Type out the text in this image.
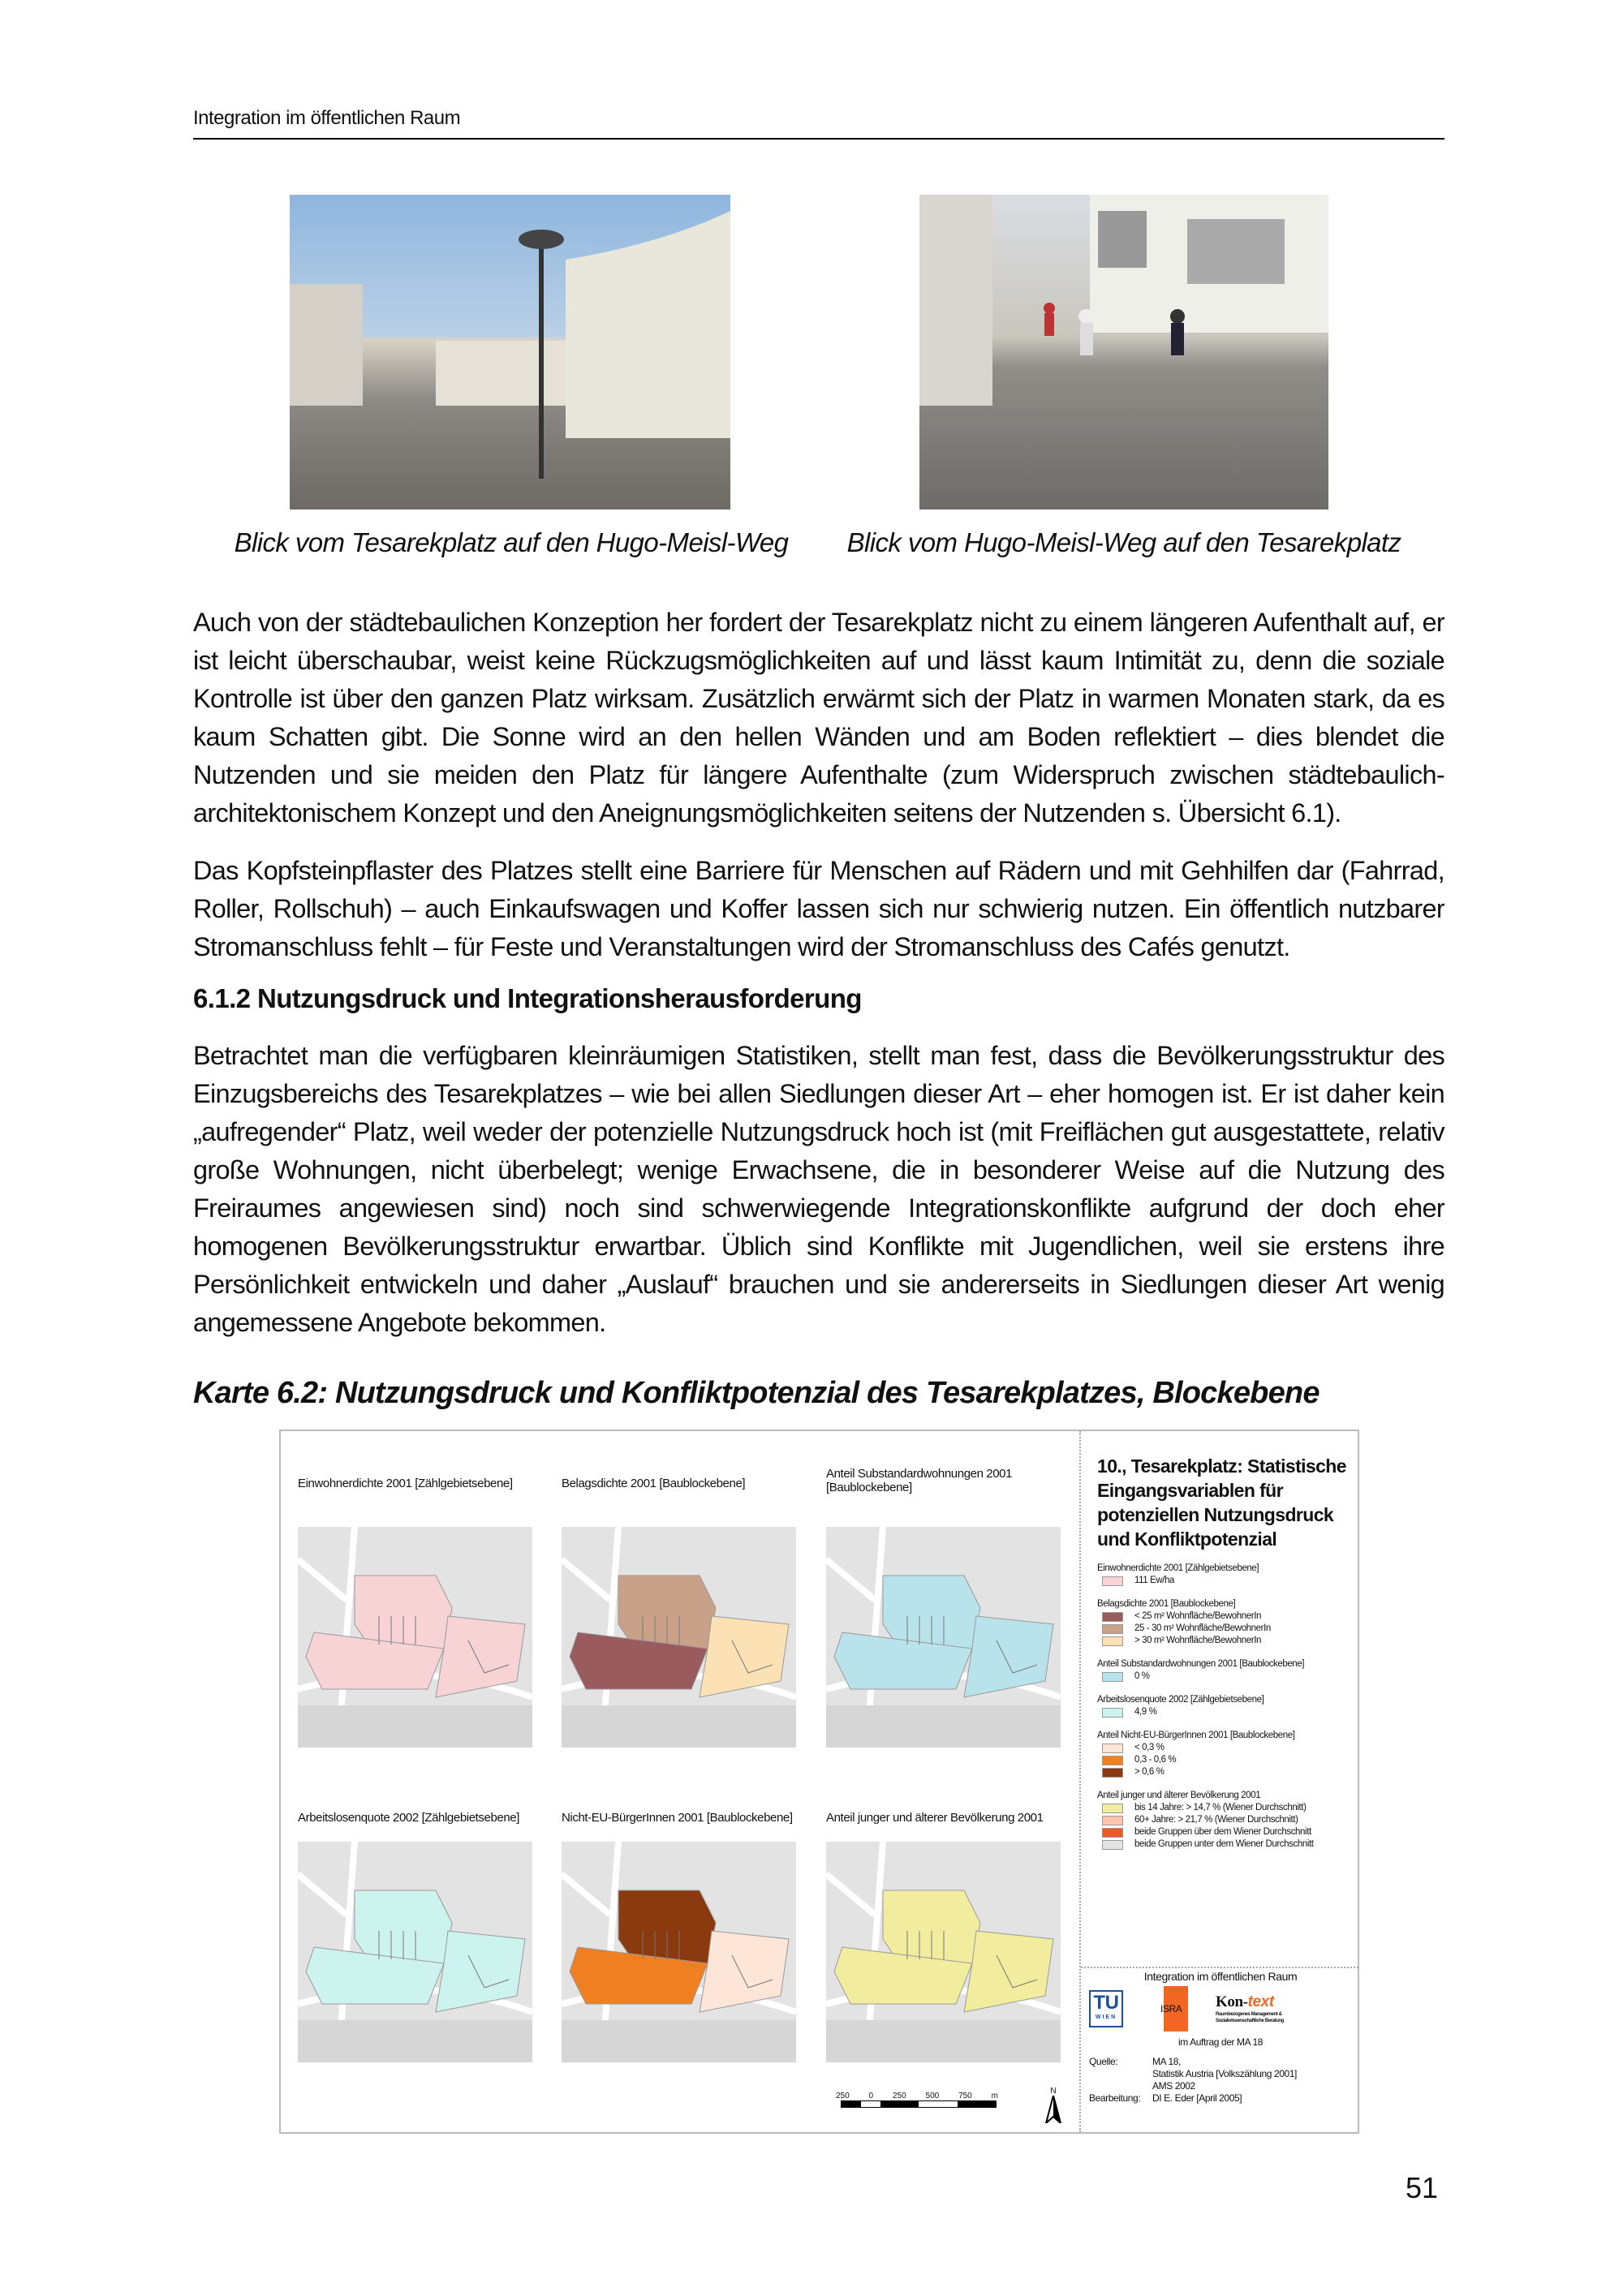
Integration im öffentlichen Raum
Blick vom Tesarekplatz auf den Hugo-Meisl-Weg Blick vom Hugo-Meisl-Weg auf den Tesarekplatz

Auch von der städtebaulichen Konzeption her fordert der Tesarekplatz nicht zu einem längeren Aufenthalt auf, er ist leicht überschaubar, weist keine Rückzugsmöglichkeiten auf und lässt kaum Intimität zu, denn die soziale Kontrolle ist über den ganzen Platz wirksam. Zusätzlich erwärmt sich der Platz in warmen Monaten stark, da es kaum Schatten gibt. Die Sonne wird an den hellen Wänden und am Boden reflektiert – dies blendet die Nutzenden und sie meiden den Platz für längere Aufenthalte (zum Widerspruch zwischen städtebaulich-architektonischem Konzept und den Aneignungsmöglichkeiten seitens der Nutzenden s. Übersicht 6.1).

Das Kopfsteinpflaster des Platzes stellt eine Barriere für Menschen auf Rädern und mit Gehhilfen dar (Fahrrad, Roller, Rollschuh) – auch Einkaufswagen und Koffer lassen sich nur schwierig nutzen. Ein öffentlich nutzbarer Stromanschluss fehlt – für Feste und Veranstaltungen wird der Stromanschluss des Cafés genutzt.

6.1.2 Nutzungsdruck und Integrationsherausforderung

Betrachtet man die verfügbaren kleinräumigen Statistiken, stellt man fest, dass die Bevölkerungsstruktur des Einzugsbereichs des Tesarekplatzes – wie bei allen Siedlungen dieser Art – eher homogen ist. Er ist daher kein „aufregender“ Platz, weil weder der potenzielle Nutzungsdruck hoch ist (mit Freiflächen gut ausgestattete, relativ große Wohnungen, nicht überbelegt; wenige Erwachsene, die in besonderer Weise auf die Nutzung des Freiraumes angewiesen sind) noch sind schwerwiegende Integrationskonflikte aufgrund der doch eher homogenen Bevölkerungsstruktur erwartbar. Üblich sind Konflikte mit Jugendlichen, weil sie erstens ihre Persönlichkeit entwickeln und daher „Auslauf“ brauchen und sie andererseits in Siedlungen dieser Art wenig angemessene Angebote bekommen.

Karte 6.2: Nutzungsdruck und Konfliktpotenzial des Tesarekplatzes, Blockebene
Einwohnerdichte 2001 [Zählgebietsebene]	Belagsdichte 2001 [Baublockebene]
Anteil Substandardwohnungen 2001 [Baublockebene]
Arbeitslosenquote 2002 [Zählgebietsebene]	Nicht-EU-BürgerInnen 2001 [Baublockebene]	Anteil junger und älterer Bevölkerung 2001
250 0 250 500 750 m
N
10., Tesarekplatz: Statistische Eingangsvariablen für potenziellen Nutzungsdruck und Konfliktpotenzial
Einwohnerdichte 2001 [Zählgebietsebene]
111 Ew/ha
Belagsdichte 2001 [Baublockebene]
< 25 m² Wohnfläche/BewohnerIn
25 - 30 m² Wohnfläche/BewohnerIn
> 30 m² Wohnfläche/BewohnerIn
Anteil Substandardwohnungen 2001 [Baublockebene]
0 %
Arbeitslosenquote 2002 [Zählgebietsebene]
4,9 %
Anteil Nicht-EU-BürgerInnen 2001 [Baublockebene]
< 0,3 %
0,3 - 0,6 %
> 0,6 %
Anteil junger und älterer Bevölkerung 2001
bis 14 Jahre: > 14,7 % (Wiener Durchschnitt)
60+ Jahre: > 21,7 % (Wiener Durchschnitt)
beide Gruppen über dem Wiener Durchschnitt
beide Gruppen unter dem Wiener Durchschnitt
Integration im öffentlichen Raum
TU
WIEN
ISRA	Kon-text
Raumbezogenes Management & Sozialwissenschaftliche Beratung
im Auftrag der MA 18
Quelle:	MA 18,
Statistik Austria [Volkszählung 2001]
AMS 2002
Bearbeitung:	DI E. Eder [April 2005]
51
